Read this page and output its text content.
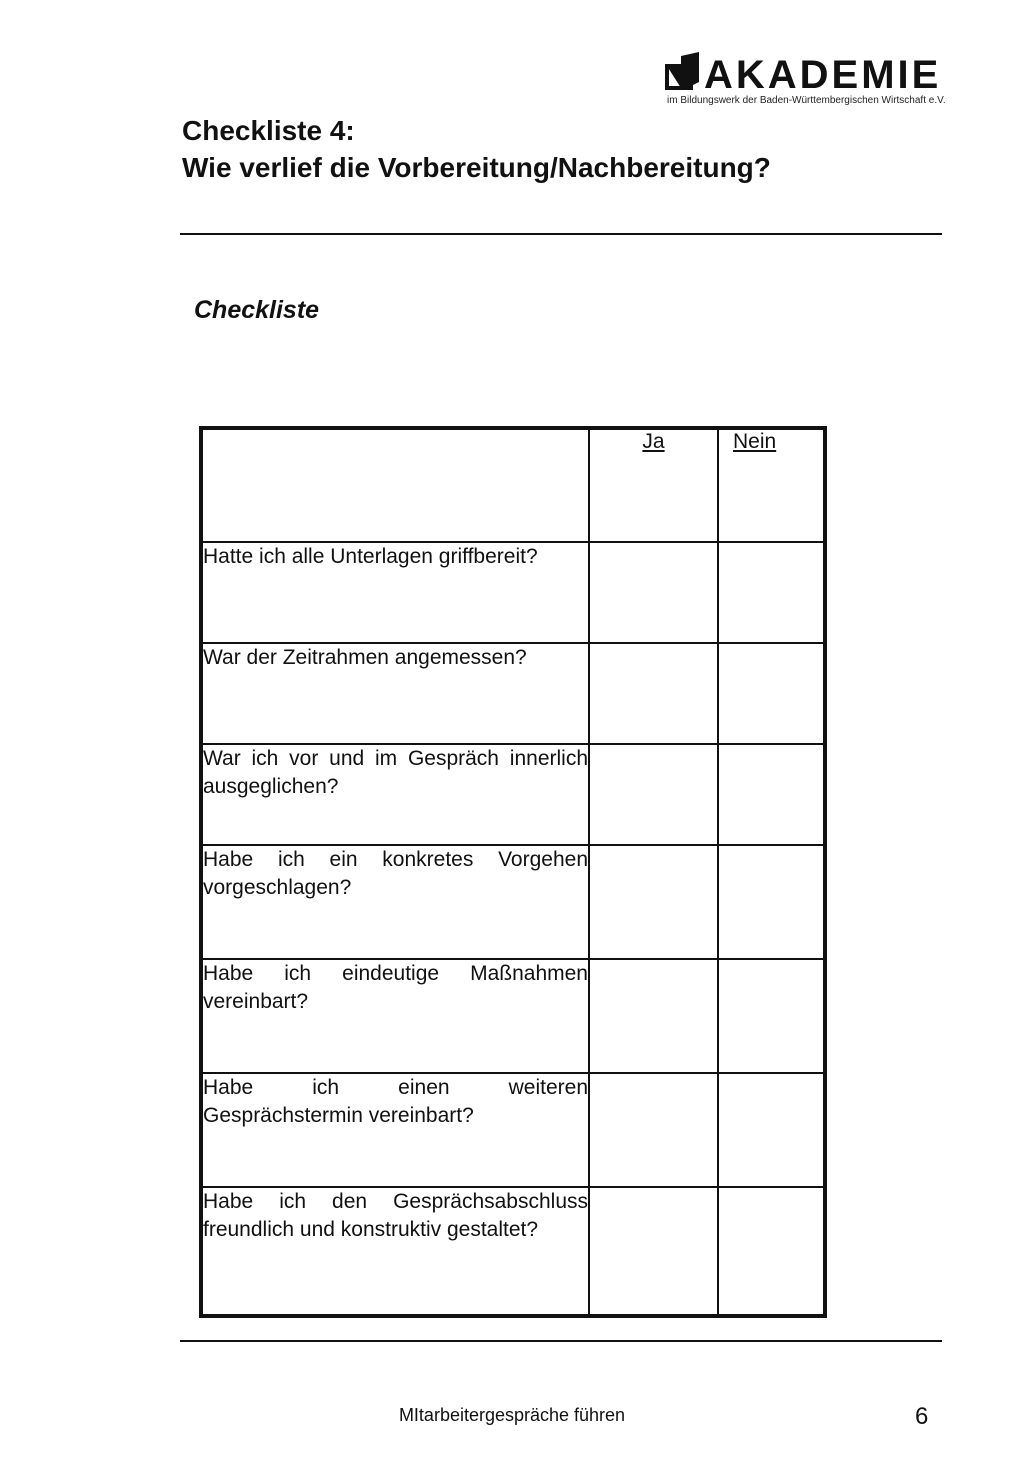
AKADEMIE
im Bildungswerk der Baden-Württembergischen Wirtschaft e.V.
Checkliste 4:
Wie verlief die Vorbereitung/Nachbereitung?
Checkliste
	Ja	Nein
Hatte ich alle Unterlagen griffbereit?		
War der Zeitrahmen angemessen?		
War ich vor und im Gespräch innerlich ausgeglichen?		
Habe ich ein konkretes Vorgehen vorgeschlagen?		
Habe ich eindeutige Maßnahmen vereinbart?		
Habe ich einen weiteren Gesprächstermin vereinbart?		
Habe ich den Gesprächsabschluss freundlich und konstruktiv gestaltet?		
MItarbeitergespräche führen	6
